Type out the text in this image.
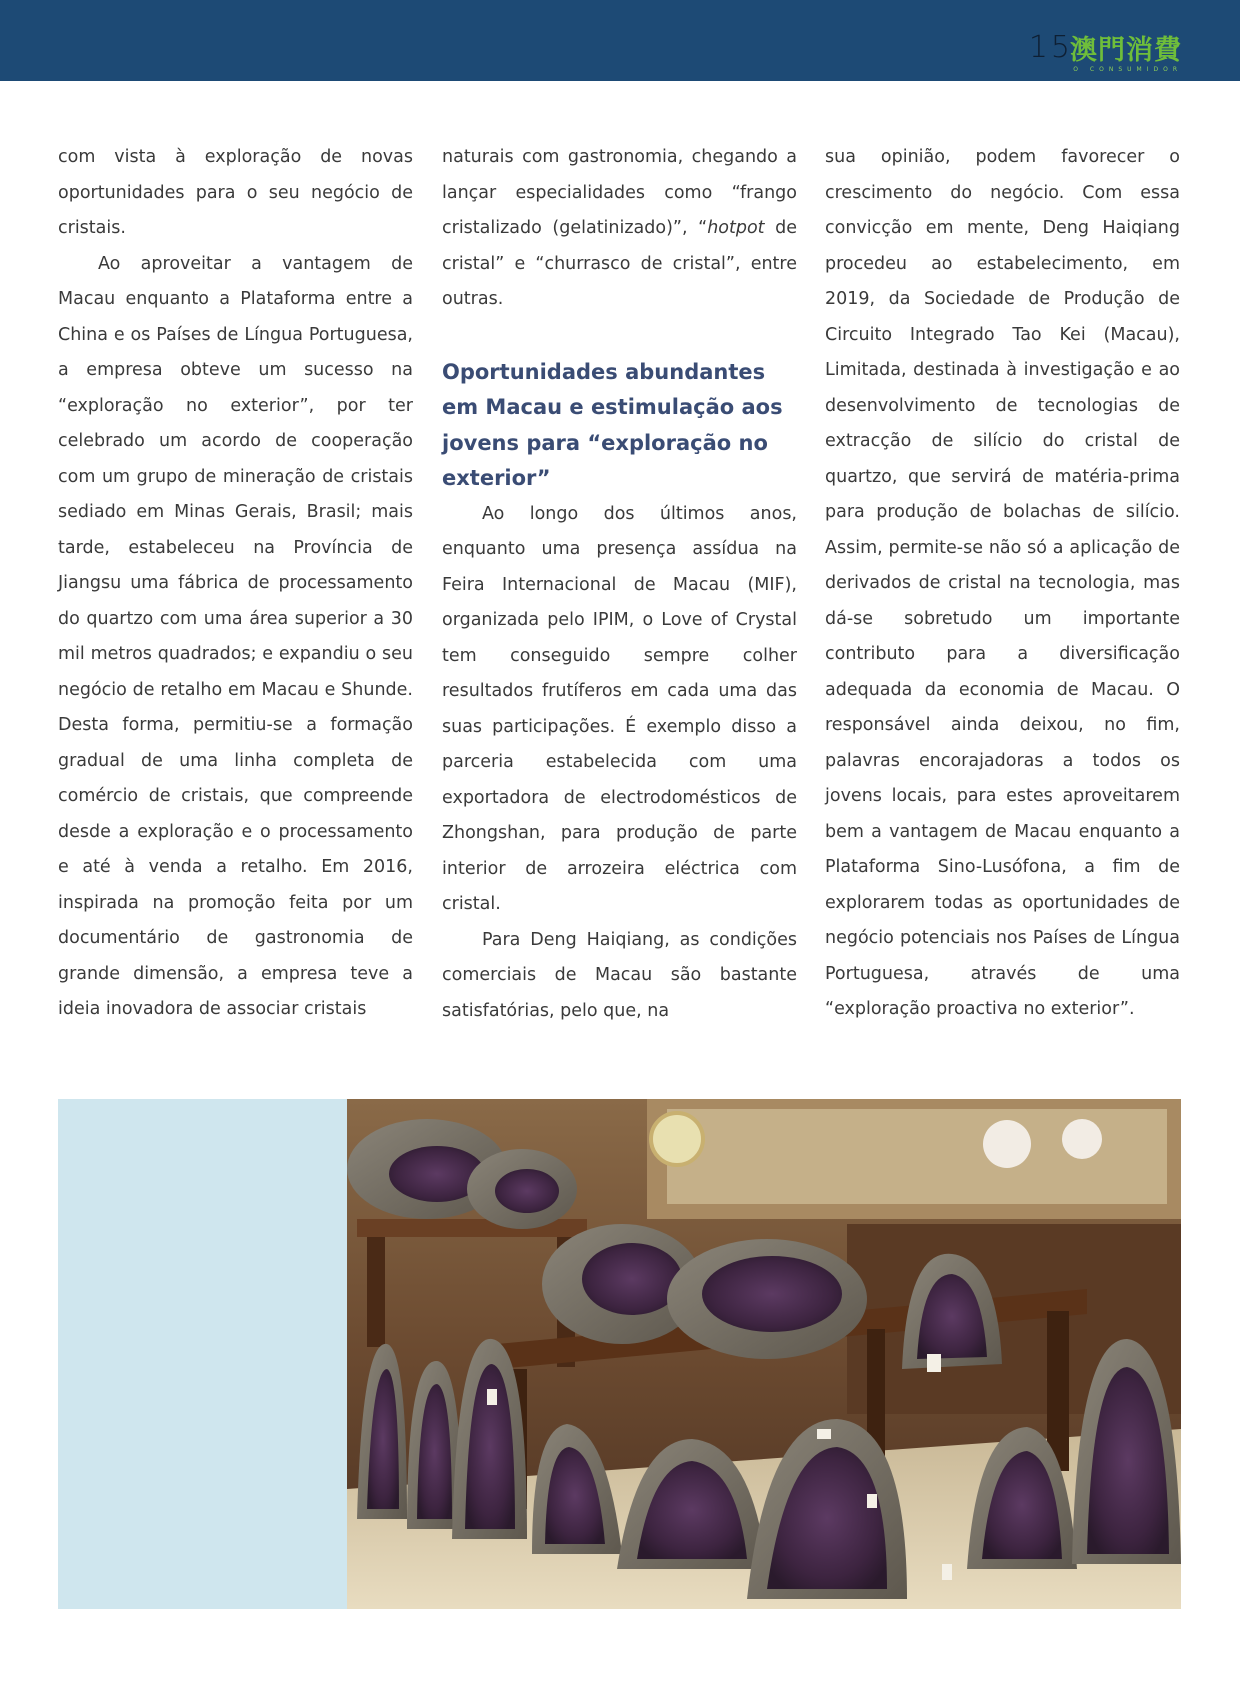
15
澳門消費
O CONSUMIDOR

com vista à exploração de novas oportunidades para o seu negócio de cristais.

Ao aproveitar a vantagem de Macau enquanto a Plataforma entre a China e os Países de Língua Portuguesa, a empresa obteve um sucesso na “exploração no exterior”, por ter celebrado um acordo de cooperação com um grupo de mineração de cristais sediado em Minas Gerais, Brasil; mais tarde, estabeleceu na Província de Jiangsu uma fábrica de processamento do quartzo com uma área superior a 30 mil metros quadrados; e expandiu o seu negócio de retalho em Macau e Shunde. Desta forma, permitiu-se a formação gradual de uma linha completa de comércio de cristais, que compreende desde a exploração e o processamento e até à venda a retalho. Em 2016, inspirada na promoção feita por um documentário de gastronomia de grande dimensão, a empresa teve a ideia inovadora de associar cristais

naturais com gastronomia, chegando a lançar especialidades como “frango cristalizado (gelatinizado)”, “hotpot de cristal” e “churrasco de cristal”, entre outras.

Oportunidades abundantes em Macau e estimulação aos jovens para “exploração no exterior”

Ao longo dos últimos anos, enquanto uma presença assídua na Feira Internacional de Macau (MIF), organizada pelo IPIM, o Love of Crystal tem conseguido sempre colher resultados frutíferos em cada uma das suas participações. É exemplo disso a parceria estabelecida com uma exportadora de electrodomésticos de Zhongshan, para produção de parte interior de arrozeira eléctrica com cristal.

Para Deng Haiqiang, as condições comerciais de Macau são bastante satisfatórias, pelo que, na

sua opinião, podem favorecer o crescimento do negócio. Com essa convicção em mente, Deng Haiqiang procedeu ao estabelecimento, em 2019, da Sociedade de Produção de Circuito Integrado Tao Kei (Macau), Limitada, destinada à investigação e ao desenvolvimento de tecnologias de extracção de silício do cristal de quartzo, que servirá de matéria-prima para produção de bolachas de silício. Assim, permite-se não só a aplicação de derivados de cristal na tecnologia, mas dá-se sobretudo um importante contributo para a diversificação adequada da economia de Macau. O responsável ainda deixou, no fim, palavras encorajadoras a todos os jovens locais, para estes aproveitarem bem a vantagem de Macau enquanto a Plataforma Sino-Lusófona, a fim de explorarem todas as oportunidades de negócio potenciais nos Países de Língua Portuguesa, através de uma “exploração proactiva no exterior”.
